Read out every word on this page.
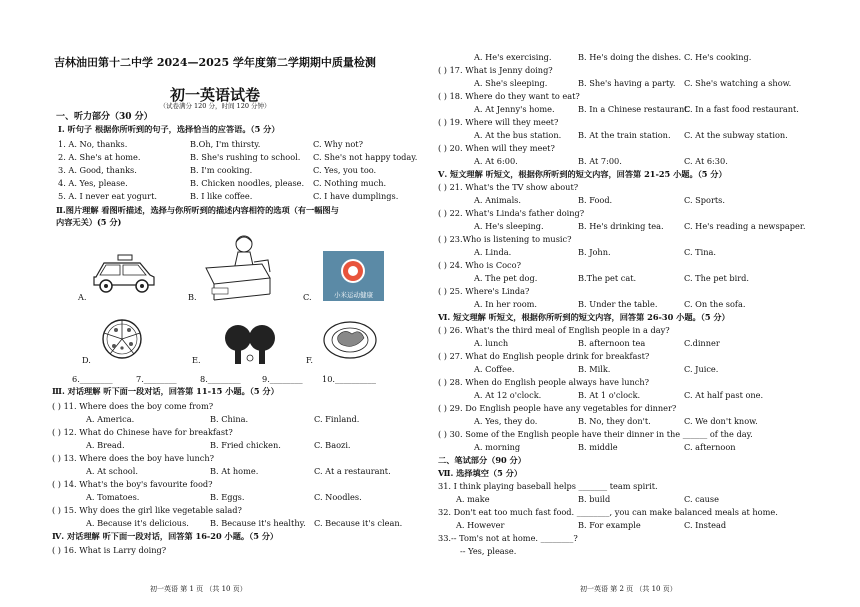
吉林油田第十二中学 2024—2025 学年度第二学期期中质量检测
初一英语试卷
（试卷满分 120 分，时间 120 分钟）
一、听力部分（30 分）
Ⅰ. 听句子 根据你所听到的句子，选择恰当的应答语。（5 分）
1. A. No, thanks.	B.Oh, I'm thirsty.	C. Why not?
2. A. She's at home.	B. She's rushing to school. C. She's not happy today.
3. A. Good, thanks.	B. I'm cooking.	C. Yes, you too.
4. A. Yes, please.	B. Chicken noodles, please. C. Nothing much.
5. A. I never eat yogurt.	B. I like coffee.	C. I have dumplings.
Ⅱ.图片理解 看图听描述，选择与你所听到的描述内容相符的选项（有一幅图与
内容无关）(5 分)
A.	B.	小米运动健康
C.
D.	E.	F.
6.________	7.________	8.________	9.________ 10.__________
Ⅲ. 对话理解 听下面一段对话，回答第 11-15 小题。（5 分）
( ) 11. Where does the boy come from?
A. America.	B. China.	C. Finland.
( ) 12. What do Chinese have for breakfast?
A. Bread.	B. Fried chicken.	C. Baozi.
( ) 13. Where does the boy have lunch?
A. At school.	B. At home.	C. At a restaurant.
( ) 14. What's the boy's favourite food?
A. Tomatoes.	B. Eggs.	C. Noodles.
( ) 15. Why does the girl like vegetable salad?
A. Because it's delicious.	B. Because it's healthy. C. Because it's clean.
Ⅳ. 对话理解 听下面一段对话，回答第 16-20 小题。（5 分）
( ) 16. What is Larry doing?
初一英语 第 1 页 （共 10 页）
A. He's exercising.	B. He's doing the dishes. C. He's cooking.
( ) 17. What is Jenny doing?
A. She's sleeping.	B. She's having a party. C. She's watching a show.
( ) 18. Where do they want to eat?
A. At Jenny's home.	B. In a Chinese restaurant.
C. In a fast food restaurant.
( ) 19. Where will they meet?
A. At the bus station. B. At the train station. C. At the subway station.
( ) 20. When will they meet?
A. At 6:00.	B. At 7:00.	C. At 6:30.
Ⅴ. 短文理解 听短文，根据你所听到的短文内容，回答第 21-25 小题。（5 分）
( ) 21. What's the TV show about?
A. Animals.	B. Food.	C. Sports.
( ) 22. What's Linda's father doing?
A. He's sleeping.	B. He's drinking tea. C. He's reading a newspaper.
( ) 23.Who is listening to music?
A. Linda.	B. John.	C. Tina.
( ) 24. Who is Coco?
A. The pet dog.	B.The pet cat.	C. The pet bird.
( ) 25. Where's Linda?
A. In her room.	B. Under the table.	C. On the sofa.
Ⅵ. 短文理解 听短文，根据你所听到的短文内容，回答第 26-30 小题。（5 分）
( ) 26. What's the third meal of English people in a day?
A. lunch	B. afternoon tea	C.dinner
( ) 27. What do English people drink for breakfast?
A. Coffee.	B. Milk.	C. Juice.
( ) 28. When do English people always have lunch?
A. At 12 o'clock.	B. At 1 o'clock.	C. At half past one.
( ) 29. Do English people have any vegetables for dinner?
A. Yes, they do.	B. No, they don't.	C. We don't know.
( ) 30. Some of the English people have their dinner in the ______ of the day.
A. morning	B. middle	C. afternoon
二、笔试部分（90 分）
Ⅶ. 选择填空（5 分）
31. I think playing baseball helps _______ team spirit.
A. make	B. build	C. cause
32. Don't eat too much fast food. ________, you can make balanced meals at home.
A. However	B. For example	C. Instead
33.-- Tom's not at home. ________?
-- Yes, please.
初一英语 第 2 页 （共 10 页）
